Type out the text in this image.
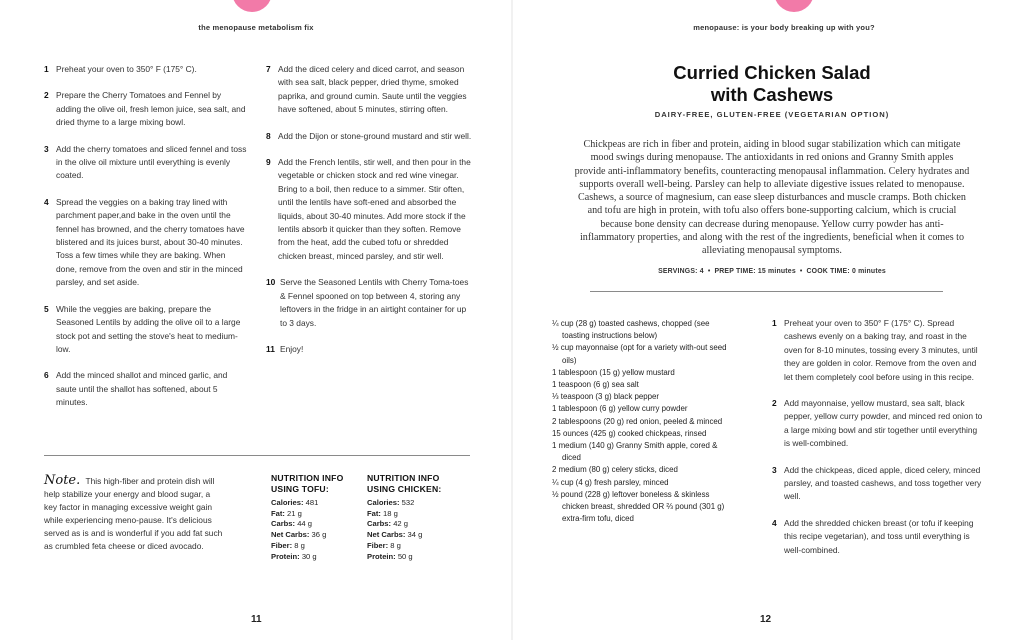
the menopause metabolism fix
1 Preheat your oven to 350° F (175° C).
2 Prepare the Cherry Tomatoes and Fennel by adding the olive oil, fresh lemon juice, sea salt, and dried thyme to a large mixing bowl.
3 Add the cherry tomatoes and sliced fennel and toss in the olive oil mixture until everything is evenly coated.
4 Spread the veggies on a baking tray lined with parchment paper,and bake in the oven until the fennel has browned, and the cherry tomatoes have blistered and its juices burst, about 30-40 minutes. Toss a few times while they are baking. When done, remove from the oven and stir in the minced parsley, and set aside.
5 While the veggies are baking, prepare the Seasoned Lentils by adding the olive oil to a large stock pot and setting the stove's heat to medium-low.
6 Add the minced shallot and minced garlic, and saute until the shallot has softened, about 5 minutes.
7 Add the diced celery and diced carrot, and season with sea salt, black pepper, dried thyme, smoked paprika, and ground cumin. Saute until the veggies have softened, about 5 minutes, stirring often.
8 Add the Dijon or stone-ground mustard and stir well.
9 Add the French lentils, stir well, and then pour in the vegetable or chicken stock and red wine vinegar. Bring to a boil, then reduce to a simmer. Stir often, until the lentils have soft-ened and absorbed the liquids, about 30-40 minutes. Add more stock if the lentils absorb it quicker than they soften. Remove from the heat, add the cubed tofu or shredded chicken breast, minced parsley, and stir well.
10 Serve the Seasoned Lentils with Cherry Toma-toes & Fennel spooned on top between 4, storing any leftovers in the fridge in an airtight container for up to 3 days.
11 Enjoy!
Note. This high-fiber and protein dish will help stabilize your energy and blood sugar, a key factor in managing excessive weight gain while experiencing meno-pause. It's delicious served as is and is wonderful if you add fat such as crumbled feta cheese or diced avocado.
NUTRITION INFO
USING TOFU:
Calories: 481
Fat: 21 g
Carbs: 44 g
Net Carbs: 36 g
Fiber: 8 g
Protein: 30 g
NUTRITION INFO
USING CHICKEN:
Calories: 532
Fat: 18 g
Carbs: 42 g
Net Carbs: 34 g
Fiber: 8 g
Protein: 50 g
11
menopause: is your body breaking up with you?
Curried Chicken Salad
with Cashews
DAIRY-FREE, GLUTEN-FREE (VEGETARIAN OPTION)
Chickpeas are rich in fiber and protein, aiding in blood sugar stabilization which can mitigate mood swings during menopause. The antioxidants in red onions and Granny Smith apples provide anti-inflammatory benefits, counteracting menopausal inflammation. Celery hydrates and supports overall well-being. Parsley can help to alleviate digestive issues related to menopause. Cashews, a source of magnesium, can ease sleep disturbances and muscle cramps. Both chicken and tofu are high in protein, with tofu also offers bone-supporting calcium, which is crucial because bone density can decrease during menopause. Yellow curry powder has anti-inflammatory properties, and along with the rest of the ingredients, beneficial when it comes to alleviating menopausal symptoms.
SERVINGS: 4 • PREP TIME: 15 minutes • COOK TIME: 0 minutes
¼ cup (28 g) toasted cashews, chopped (see toasting instructions below)
½ cup mayonnaise (opt for a variety with-out seed oils)
1 tablespoon (15 g) yellow mustard
1 teaspoon (6 g) sea salt
⅓ teaspoon (3 g) black pepper
1 tablespoon (6 g) yellow curry powder
2 tablespoons (20 g) red onion, peeled & minced
15 ounces (425 g) cooked chickpeas, rinsed
1 medium (140 g) Granny Smith apple, cored & diced
2 medium (80 g) celery sticks, diced
¼ cup (4 g) fresh parsley, minced
½ pound (228 g) leftover boneless & skinless chicken breast, shredded OR ⅔ pound (301 g) extra-firm tofu, diced
1 Preheat your oven to 350° F (175° C). Spread cashews evenly on a baking tray, and roast in the oven for 8-10 minutes, tossing every 3 minutes, until they are golden in color. Remove from the oven and let them completely cool before using in this recipe.
2 Add mayonnaise, yellow mustard, sea salt, black pepper, yellow curry powder, and minced red onion to a large mixing bowl and stir together until everything is well-combined.
3 Add the chickpeas, diced apple, diced celery, minced parsley, and toasted cashews, and toss together very well.
4 Add the shredded chicken breast (or tofu if keeping this recipe vegetarian), and toss until everything is well-combined.
12
